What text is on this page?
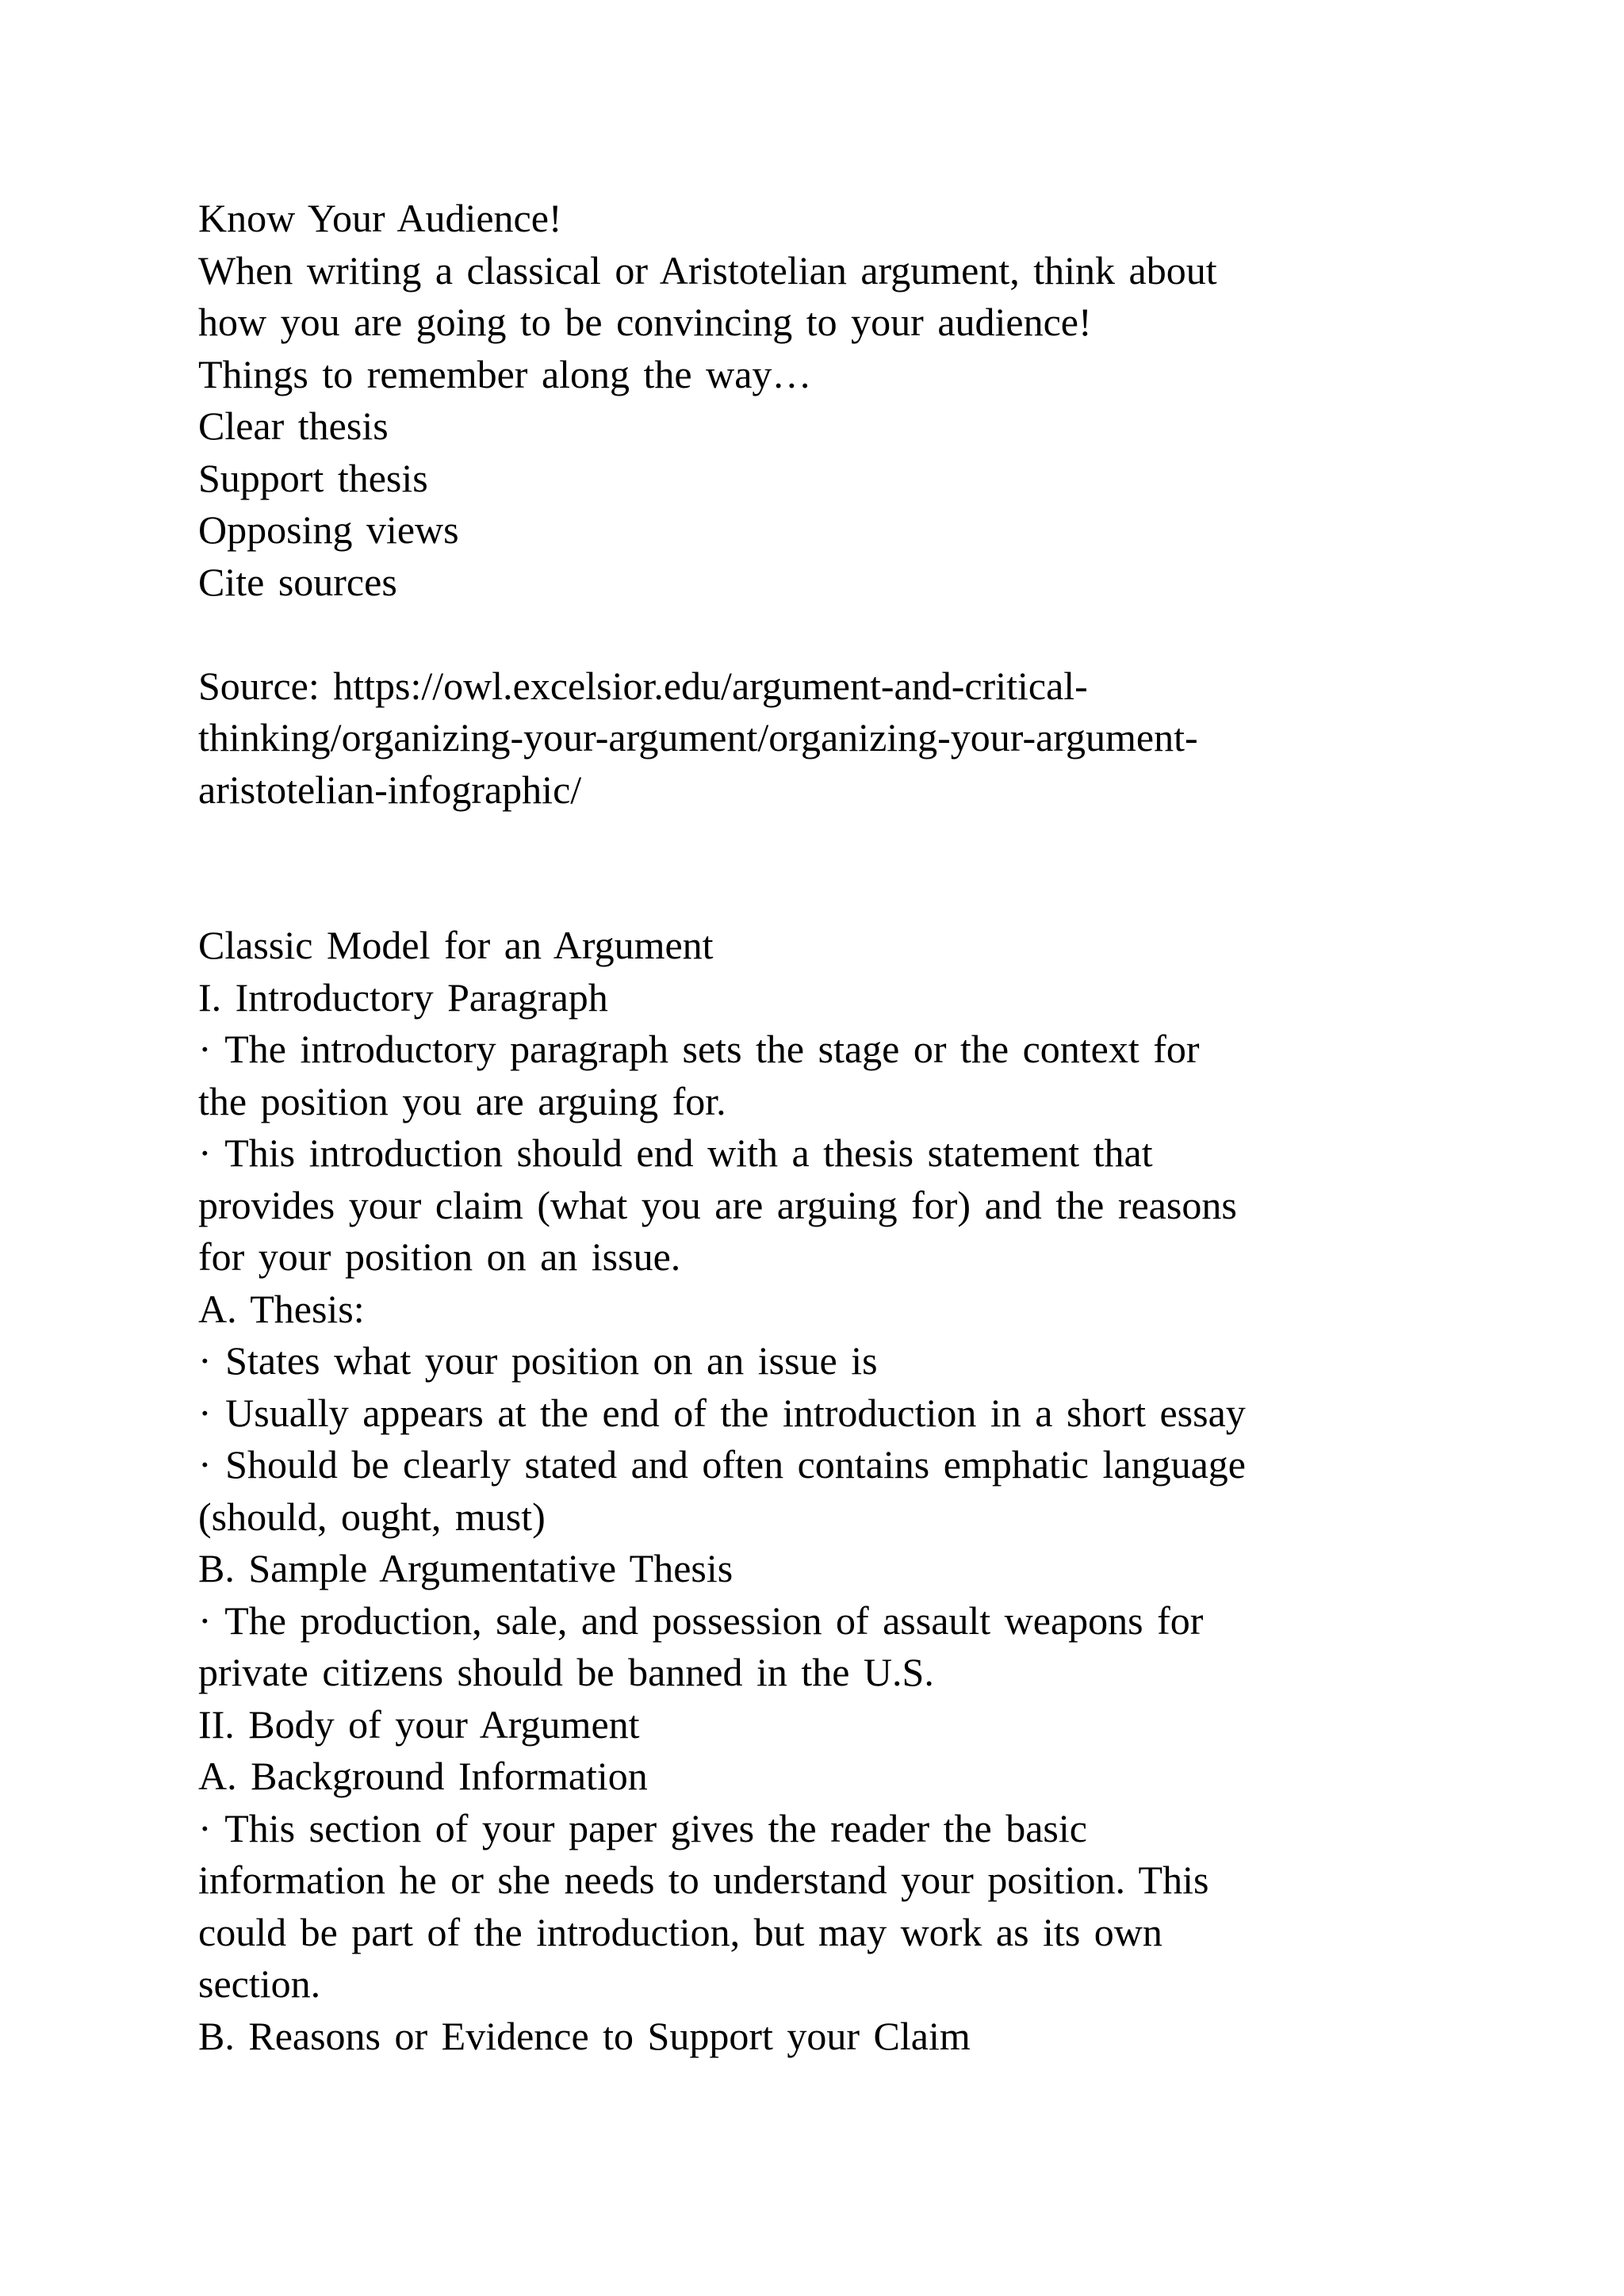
Know Your Audience!

When writing a classical or Aristotelian argument, think about

how you are going to be convincing to your audience!

Things to remember along the way…

Clear thesis

Support thesis

Opposing views

Cite sources

Source: https://owl.excelsior.edu/argument-and-critical-

thinking/organizing-your-argument/organizing-your-argument-

aristotelian-infographic/

Classic Model for an Argument

I. Introductory Paragraph

· The introductory paragraph sets the stage or the context for

the position you are arguing for.

· This introduction should end with a thesis statement that

provides your claim (what you are arguing for) and the reasons

for your position on an issue.

A. Thesis:

· States what your position on an issue is

· Usually appears at the end of the introduction in a short essay

· Should be clearly stated and often contains emphatic language

(should, ought, must)

B. Sample Argumentative Thesis

· The production, sale, and possession of assault weapons for

private citizens should be banned in the U.S.

II. Body of your Argument

A. Background Information

· This section of your paper gives the reader the basic

information he or she needs to understand your position. This

could be part of the introduction, but may work as its own

section.

B. Reasons or Evidence to Support your Claim
